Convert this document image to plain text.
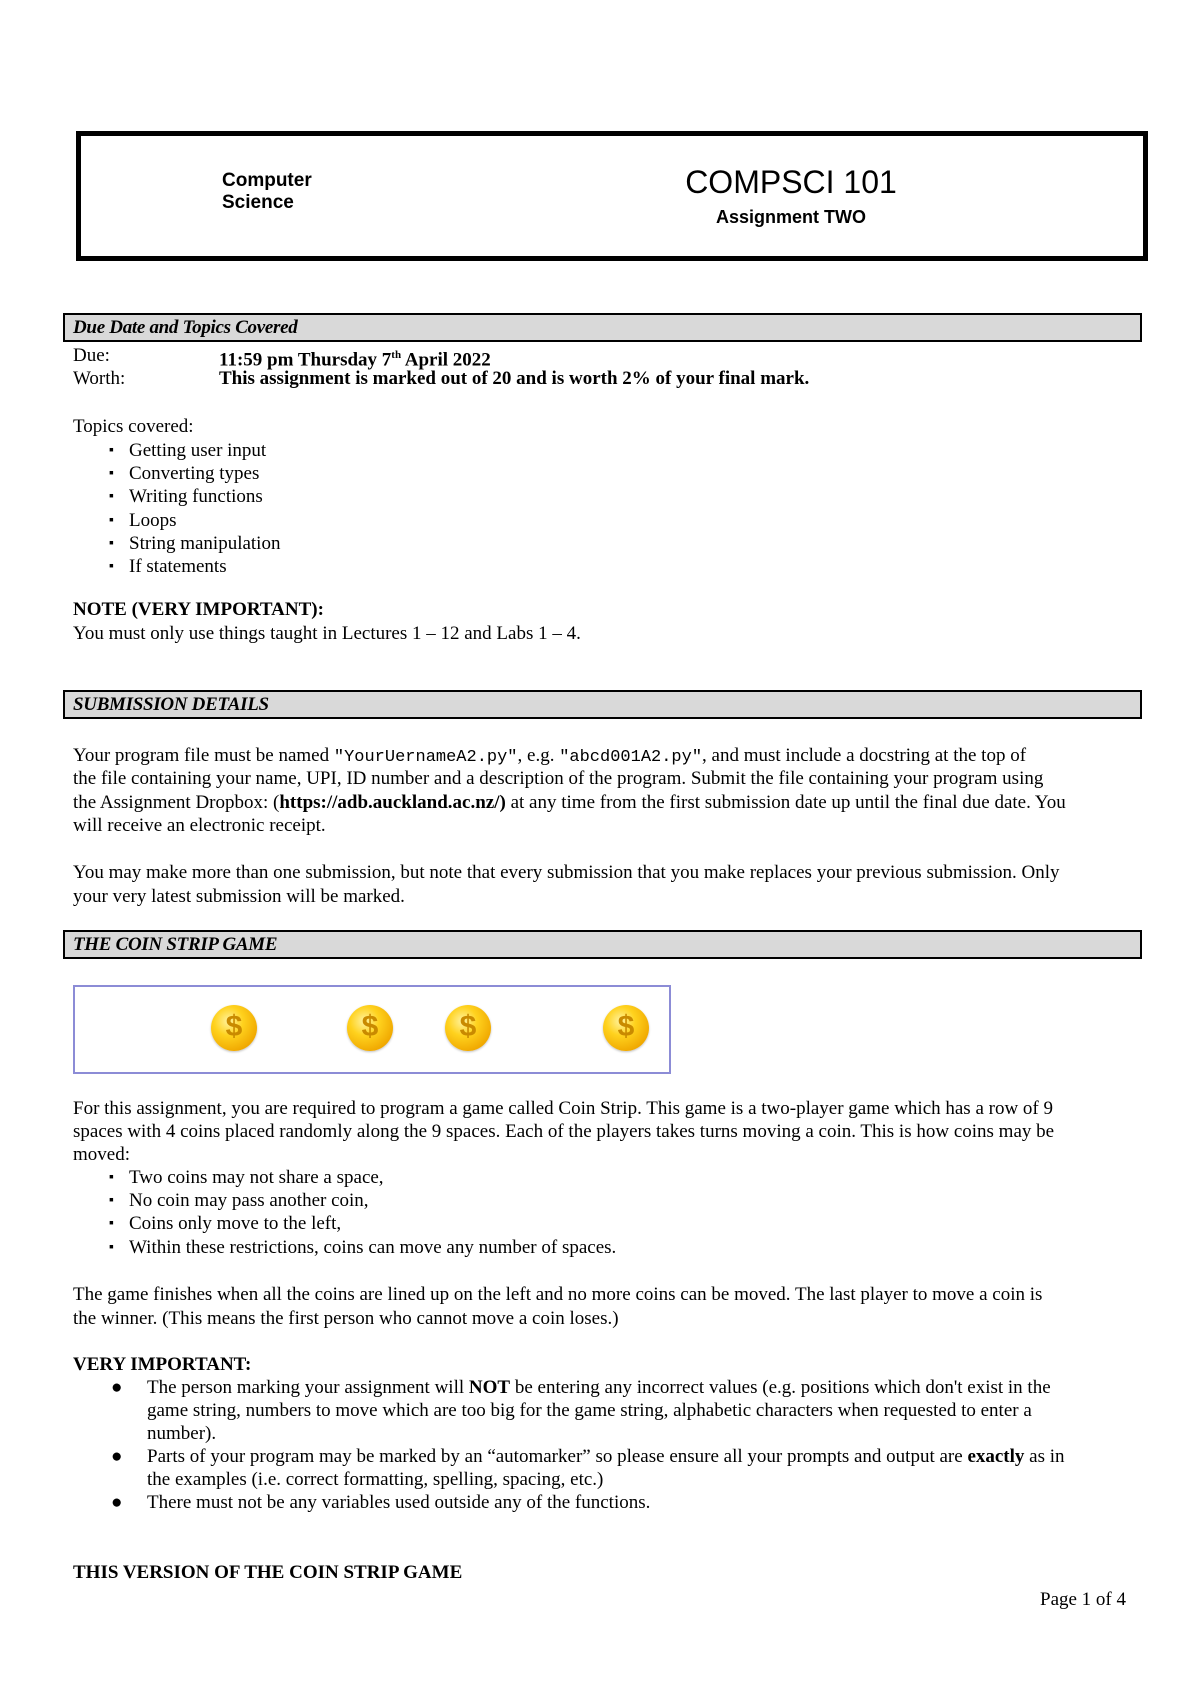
Computer
Science
COMPSCI 101
Assignment TWO
Due Date and Topics Covered
Due:	11:59 pm Thursday 7th April 2022
Worth:	This assignment is marked out of 20 and is worth 2% of your final mark.
Topics covered:
▪ Getting user input
▪ Converting types
▪ Writing functions
▪ Loops
▪ String manipulation
▪ If statements
NOTE (VERY IMPORTANT):
You must only use things taught in Lectures 1 – 12 and Labs 1 – 4.
SUBMISSION DETAILS
Your program file must be named "YourUernameA2.py", e.g. "abcd001A2.py", and must include a docstring at the top of
the file containing your name, UPI, ID number and a description of the program. Submit the file containing your program using
the Assignment Dropbox: (https://adb.auckland.ac.nz/) at any time from the first submission date up until the final due date. You
will receive an electronic receipt.
You may make more than one submission, but note that every submission that you make replaces your previous submission. Only
your very latest submission will be marked.
THE COIN STRIP GAME
$	$	$	$
For this assignment, you are required to program a game called Coin Strip. This game is a two-player game which has a row of 9
spaces with 4 coins placed randomly along the 9 spaces. Each of the players takes turns moving a coin. This is how coins may be
moved:
▪ Two coins may not share a space,
▪ No coin may pass another coin,
▪ Coins only move to the left,
▪ Within these restrictions, coins can move any number of spaces.
The game finishes when all the coins are lined up on the left and no more coins can be moved. The last player to move a coin is
the winner. (This means the first person who cannot move a coin loses.)
VERY IMPORTANT:
● The person marking your assignment will NOT be entering any incorrect values (e.g. positions which don't exist in the
game string, numbers to move which are too big for the game string, alphabetic characters when requested to enter a
number).
● Parts of your program may be marked by an “automarker” so please ensure all your prompts and output are exactly as in
the examples (i.e. correct formatting, spelling, spacing, etc.)
● There must not be any variables used outside any of the functions.
THIS VERSION OF THE COIN STRIP GAME
Page 1 of 4
